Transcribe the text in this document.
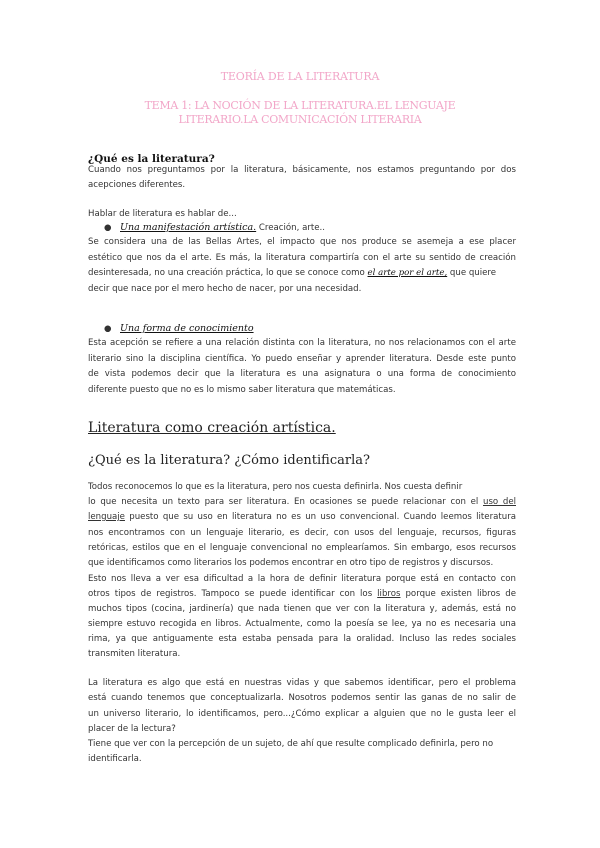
TEORÍA DE LA LITERATURA
TEMA 1: LA NOCIÓN DE LA LITERATURA.EL LENGUAJE
LITERARIO.LA COMUNICACIÓN LITERARIA
¿Qué es la literatura?
Cuando nos preguntamos por la literatura, básicamente, nos estamos preguntando por dos
acepciones diferentes.
Hablar de literatura es hablar de...
● Una manifestación artística. Creación, arte..
Se considera una de las Bellas Artes, el impacto que nos produce se asemeja a ese placer
estético que nos da el arte. Es más, la literatura compartiría con el arte su sentido de creación
desinteresada, no una creación práctica, lo que se conoce como el arte por el arte, que quiere
decir que nace por el mero hecho de nacer, por una necesidad.
● Una forma de conocimiento
Esta acepción se refiere a una relación distinta con la literatura, no nos relacionamos con el arte
literario sino la disciplina científica. Yo puedo enseñar y aprender literatura. Desde este punto
de vista podemos decir que la literatura es una asignatura o una forma de conocimiento
diferente puesto que no es lo mismo saber literatura que matemáticas.
Literatura como creación artística.
¿Qué es la literatura? ¿Cómo identificarla?
Todos reconocemos lo que es la literatura, pero nos cuesta definirla. Nos cuesta definir
lo que necesita un texto para ser literatura. En ocasiones se puede relacionar con el uso del
lenguaje puesto que su uso en literatura no es un uso convencional. Cuando leemos literatura
nos encontramos con un lenguaje literario, es decir, con usos del lenguaje, recursos, figuras
retóricas, estilos que en el lenguaje convencional no emplearíamos. Sin embargo, esos recursos
que identificamos como literarios los podemos encontrar en otro tipo de registros y discursos.
Esto nos lleva a ver esa dificultad a la hora de definir literatura porque está en contacto con
otros tipos de registros. Tampoco se puede identificar con los libros porque existen libros de
muchos tipos (cocina, jardinería) que nada tienen que ver con la literatura y, además, está no
siempre estuvo recogida en libros. Actualmente, como la poesía se lee, ya no es necesaria una
rima, ya que antiguamente esta estaba pensada para la oralidad. Incluso las redes sociales
transmiten literatura.
La literatura es algo que está en nuestras vidas y que sabemos identificar, pero el problema
está cuando tenemos que conceptualizarla. Nosotros podemos sentir las ganas de no salir de
un universo literario, lo identificamos, pero...¿Cómo explicar a alguien que no le gusta leer el
placer de la lectura?
Tiene que ver con la percepción de un sujeto, de ahí que resulte complicado definirla, pero no
identificarla.
